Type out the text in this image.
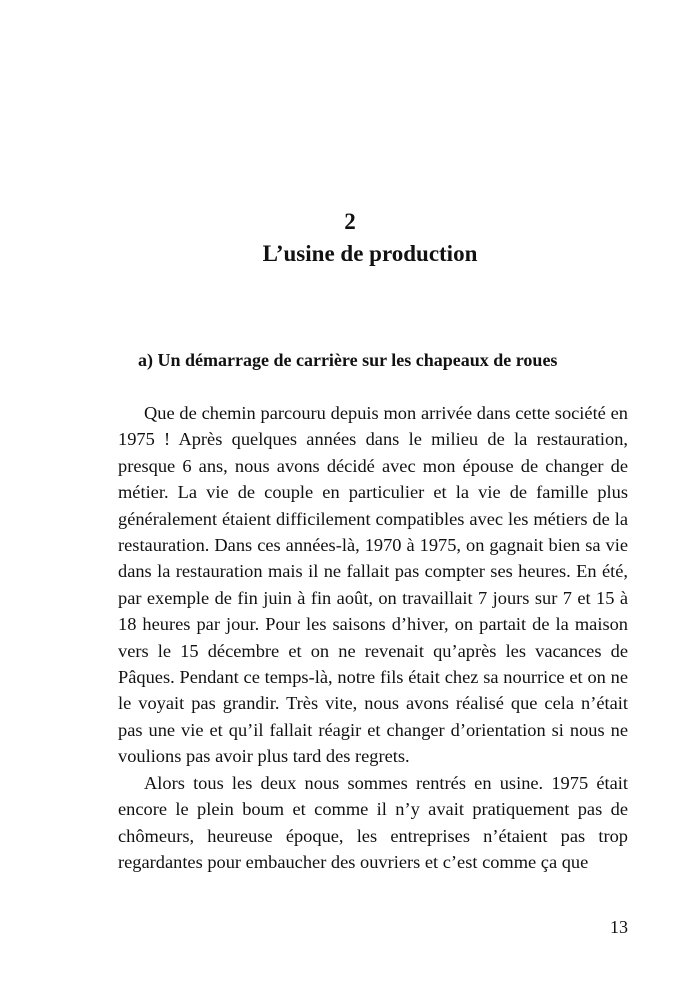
2
L’usine de production
a) Un démarrage de carrière sur les chapeaux de roues

Que de chemin parcouru depuis mon arrivée dans cette société en 1975 ! Après quelques années dans le milieu de la restauration, presque 6 ans, nous avons décidé avec mon épouse de changer de métier. La vie de couple en particulier et la vie de famille plus généralement étaient difficilement compatibles avec les métiers de la restauration. Dans ces années-là, 1970 à 1975, on gagnait bien sa vie dans la restauration mais il ne fallait pas compter ses heures. En été, par exemple de fin juin à fin août, on travaillait 7 jours sur 7 et 15 à 18 heures par jour. Pour les saisons d’hiver, on partait de la maison vers le 15 décembre et on ne revenait qu’après les vacances de Pâques. Pendant ce temps-là, notre fils était chez sa nourrice et on ne le voyait pas grandir. Très vite, nous avons réalisé que cela n’était pas une vie et qu’il fallait réagir et changer d’orientation si nous ne voulions pas avoir plus tard des regrets.

Alors tous les deux nous sommes rentrés en usine. 1975 était encore le plein boum et comme il n’y avait pratiquement pas de chômeurs, heureuse époque, les entreprises n’étaient pas trop regardantes pour embaucher des ouvriers et c’est comme ça que

13
